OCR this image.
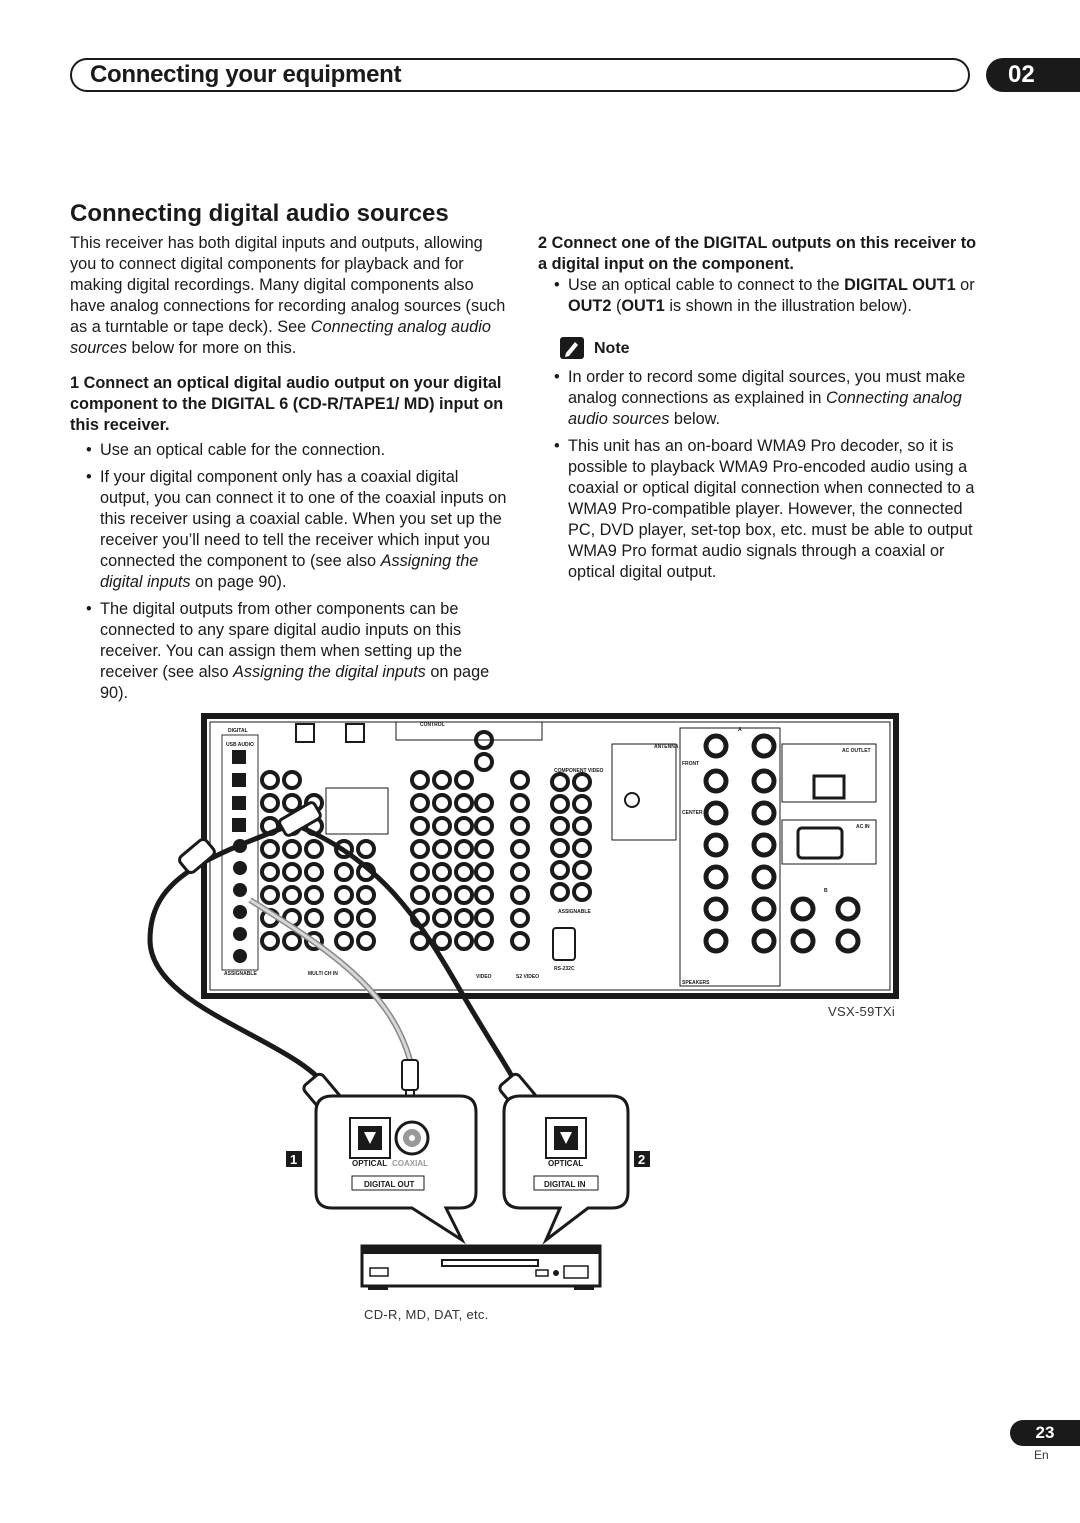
Connecting your equipment	02
Connecting digital audio sources

This receiver has both digital inputs and outputs, allowing you to connect digital components for playback and for making digital recordings. Many digital components also have analog connections for recording analog sources (such as a turntable or tape deck). See Connecting analog audio sources below for more on this.

1 Connect an optical digital audio output on your digital component to the DIGITAL 6 (CD-R/TAPE1/ MD) input on this receiver.

• Use an optical cable for the connection.

• If your digital component only has a coaxial digital output, you can connect it to one of the coaxial inputs on this receiver using a coaxial cable. When you set up the receiver you’ll need to tell the receiver which input you connected the component to (see also Assigning the digital inputs on page 90).

• The digital outputs from other components can be connected to any spare digital audio inputs on this receiver. You can assign them when setting up the receiver (see also Assigning the digital inputs on page 90).

2 Connect one of the DIGITAL outputs on this receiver to a digital input on the component.

• Use an optical cable to connect to the DIGITAL OUT1 or OUT2 (OUT1 is shown in the illustration below).

Note

• In order to record some digital sources, you must make analog connections as explained in Connecting analog audio sources below.

• This unit has an on-board WMA9 Pro decoder, so it is possible to playback WMA9 Pro-encoded audio using a coaxial or optical digital connection when connected to a WMA9 Pro-compatible player. However, the connected PC, DVD player, set-top box, etc. must be able to output WMA9 Pro format audio signals through a coaxial or optical digital output.

DIGITAL
USB AUDIO
CONTROL
ANTENNA
COMPONENT VIDEO
ASSIGNABLE
RS-232C
ASSIGNABLE	MULTI CH IN	VIDEO	S2 VIDEO
FRONT
CENTER
SPEAKERS
AC OUTLET
AC IN
A
B
OPTICAL COAXIAL
DIGITAL OUT
OPTICAL
DIGITAL IN
1	2
VSX-59TXi
CD-R, MD, DAT, etc.
23
En
